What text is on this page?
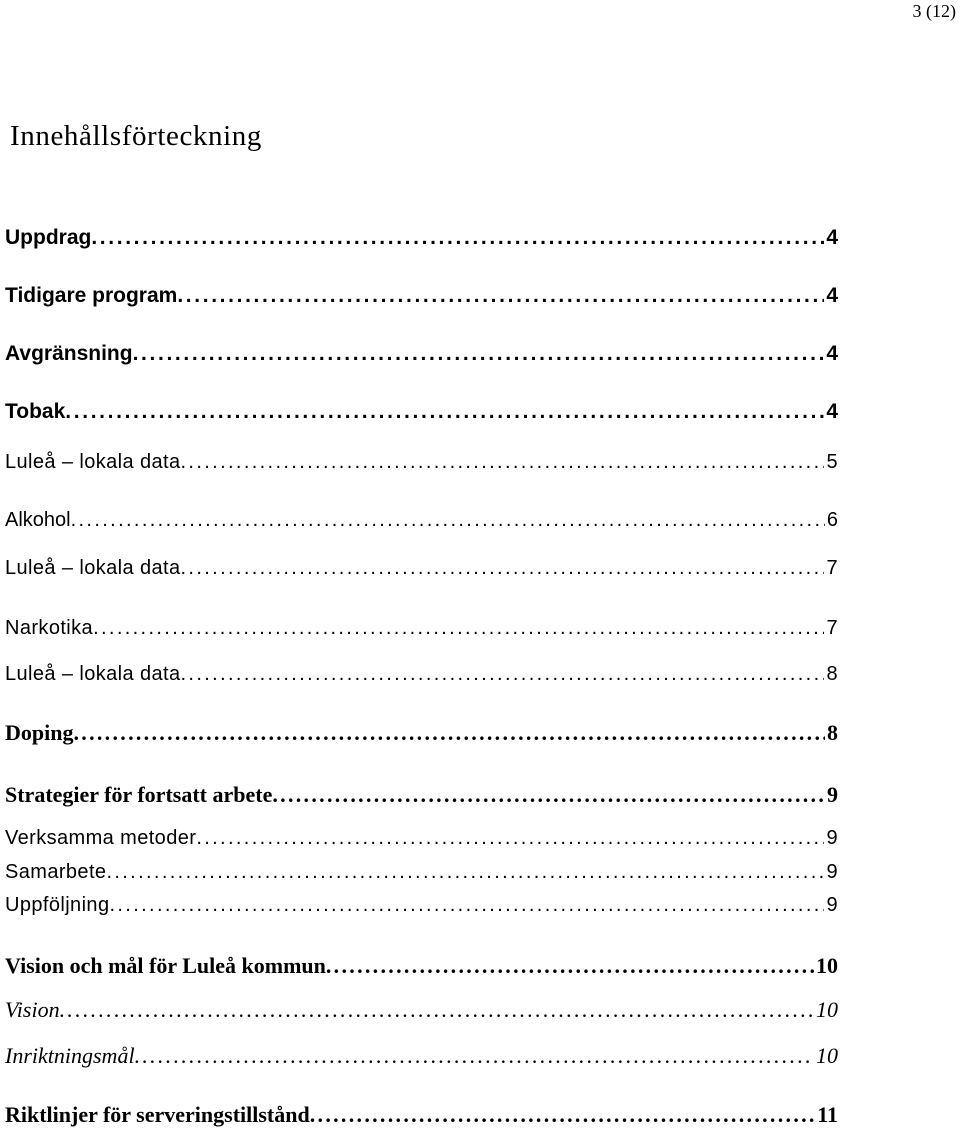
3 (12)
Innehållsförteckning
Uppdrag . . .	4
Tidigare program . . .	4
Avgränsning . . .	4
Tobak . . .	4
Luleå – lokala data . . .	5
Alkohol . . .	6
Luleå – lokala data . . .	7
Narkotika . . .	7
Luleå – lokala data . . .	8
Doping . . .	8
Strategier för fortsatt arbete . . .	9
Verksamma metoder . . .	9
Samarbete . . .	9
Uppföljning . . .	9
Vision och mål för Luleå kommun . . .	10
Vision . . .	10
Inriktningsmål . . .	10
Riktlinjer för serveringstillstånd . . .	11
